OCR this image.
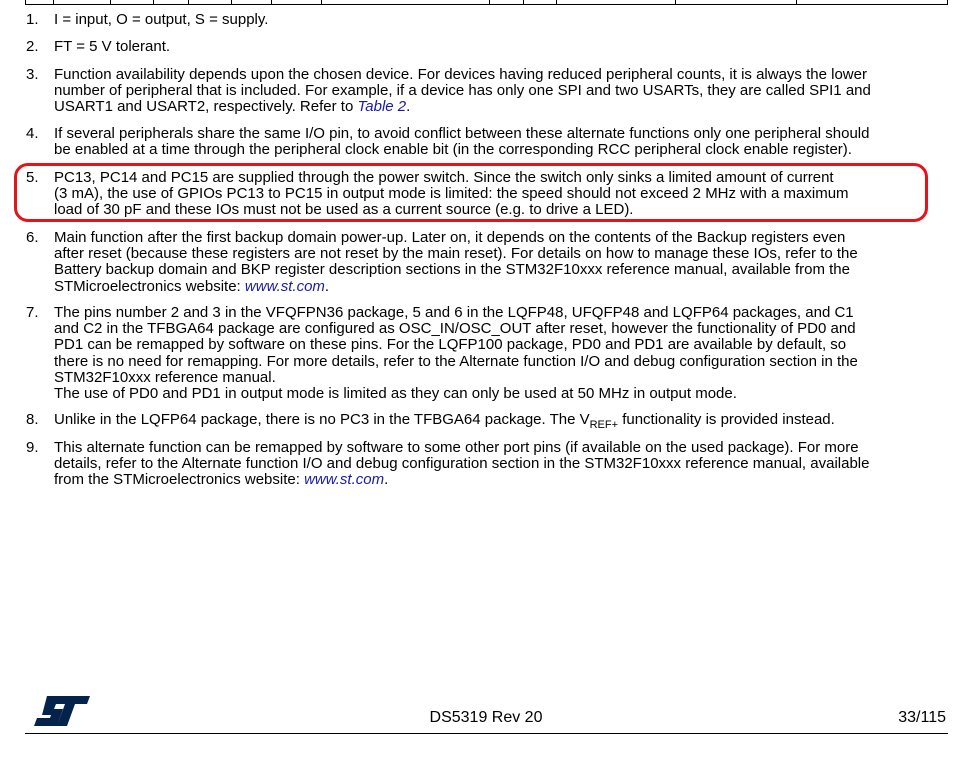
1. I = input, O = output, S = supply.
2. FT = 5 V tolerant.
3. Function availability depends upon the chosen device. For devices having reduced peripheral counts, it is always the lower
number of peripheral that is included. For example, if a device has only one SPI and two USARTs, they are called SPI1 and
USART1 and USART2, respectively. Refer to Table 2.
4. If several peripherals share the same I/O pin, to avoid conflict between these alternate functions only one peripheral should
be enabled at a time through the peripheral clock enable bit (in the corresponding RCC peripheral clock enable register).
5. PC13, PC14 and PC15 are supplied through the power switch. Since the switch only sinks a limited amount of current
(3 mA), the use of GPIOs PC13 to PC15 in output mode is limited: the speed should not exceed 2 MHz with a maximum
load of 30 pF and these IOs must not be used as a current source (e.g. to drive a LED).
6. Main function after the first backup domain power-up. Later on, it depends on the contents of the Backup registers even
after reset (because these registers are not reset by the main reset). For details on how to manage these IOs, refer to the
Battery backup domain and BKP register description sections in the STM32F10xxx reference manual, available from the
STMicroelectronics website: www.st.com.
7. The pins number 2 and 3 in the VFQFPN36 package, 5 and 6 in the LQFP48, UFQFP48 and LQFP64 packages, and C1
and C2 in the TFBGA64 package are configured as OSC_IN/OSC_OUT after reset, however the functionality of PD0 and
PD1 can be remapped by software on these pins. For the LQFP100 package, PD0 and PD1 are available by default, so
there is no need for remapping. For more details, refer to the Alternate function I/O and debug configuration section in the
STM32F10xxx reference manual.
The use of PD0 and PD1 in output mode is limited as they can only be used at 50 MHz in output mode.
8. Unlike in the LQFP64 package, there is no PC3 in the TFBGA64 package. The $V_{REF+}$ functionality is provided instead.
9. This alternate function can be remapped by software to some other port pins (if available on the used package). For more
details, refer to the Alternate function I/O and debug configuration section in the STM32F10xxx reference manual, available
from the STMicroelectronics website: www.st.com.
DS5319 Rev 20	33/115
